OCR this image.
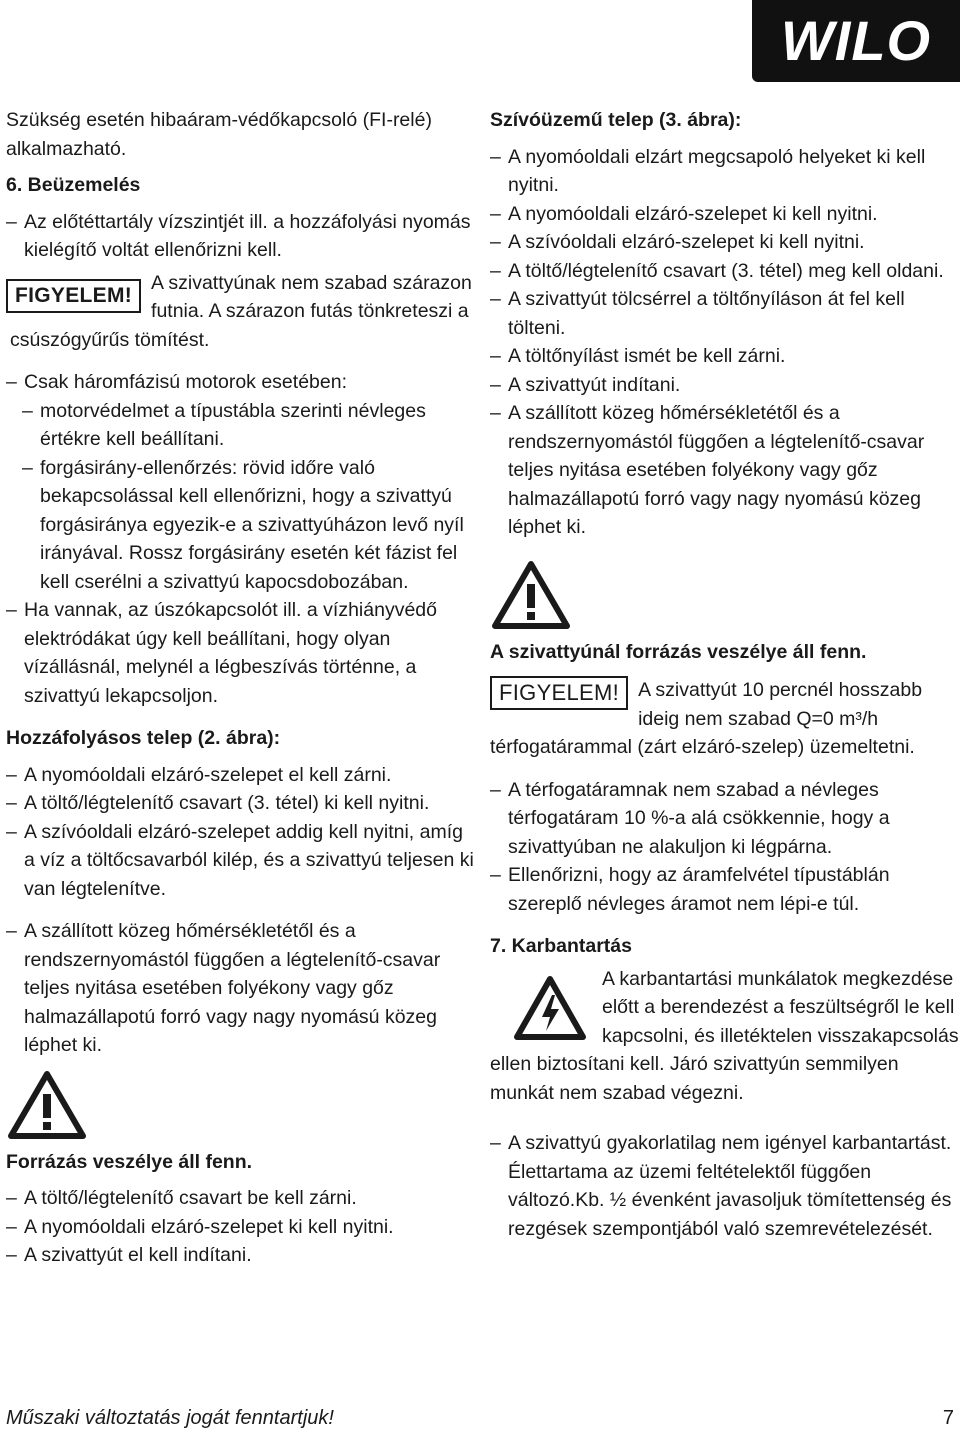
WILO

Szükség esetén hibaáram-védőkapcsoló (FI-relé) alkalmazható.

6. Beüzemelés

– Az előtéttartály vízszintjét ill. a hozzáfolyási nyomás kielégítő voltát ellenőrizni kell.
FIGYELEM!

A szivattyúnak nem szabad szárazon futnia. A szárazon futás tönkreteszi a csúszógyűrűs tömítést.

– Csak háromfázisú motorok esetében:
– motorvédelmet a típustábla szerinti névleges értékre kell beállítani.
– forgásirány-ellenőrzés: rövid időre való bekapcsolással kell ellenőrizni, hogy a szivattyú forgásiránya egyezik-e a szivattyúházon levő nyíl irányával. Rossz forgásirány esetén két fázist fel kell cserélni a szivattyú kapocsdobozában.
– Ha vannak, az úszókapcsolót ill. a vízhiányvédő elektródákat úgy kell beállítani, hogy olyan vízállásnál, melynél a légbeszívás történne, a szivattyú lekapcsoljon.

Hozzáfolyásos telep (2. ábra):

– A nyomóoldali elzáró-szelepet el kell zárni.
– A töltő/légtelenítő csavart (3. tétel) ki kell nyitni.
– A szívóoldali elzáró-szelepet addig kell nyitni, amíg a víz a töltőcsavarból kilép, és a szivattyú teljesen ki van légtelenítve.
– A szállított közeg hőmérsékletétől és a rendszernyomástól függően a légtelenítő-csavar teljes nyitása esetében folyékony vagy gőz halmazállapotú forró vagy nagy nyomású közeg léphet ki.

Forrázás veszélye áll fenn.

– A töltő/légtelenítő csavart be kell zárni.
– A nyomóoldali elzáró-szelepet ki kell nyitni.
– A szivattyút el kell indítani.

Szívóüzemű telep (3. ábra):

– A nyomóoldali elzárt megcsapoló helyeket ki kell nyitni.
– A nyomóoldali elzáró-szelepet ki kell nyitni.
– A szívóoldali elzáró-szelepet ki kell nyitni.
– A töltő/légtelenítő csavart (3. tétel) meg kell oldani.
– A szivattyút tölcsérrel a töltőnyíláson át fel kell tölteni.
– A töltőnyílást ismét be kell zárni.
– A szivattyút indítani.
– A szállított közeg hőmérsékletétől és a rendszernyomástól függően a légtelenítő-csavar teljes nyitása esetében folyékony vagy gőz halmazállapotú forró vagy nagy nyomású közeg léphet ki.

A szivattyúnál forrázás veszélye áll fenn.

FIGYELEM! A szivattyút 10 percnél hosszabb ideig nem szabad Q=0 m³/h térfogatárammal (zárt elzáró-szelep) üzemeltetni.

– A térfogatáramnak nem szabad a névleges térfogatáram 10 %-a alá csökkennie, hogy a szivattyúban ne alakuljon ki légpárna.
– Ellenőrizni, hogy az áramfelvétel típustáblán szereplő névleges áramot nem lépi-e túl.

7. Karbantartás

A karbantartási munkálatok megkezdése előtt a berendezést a feszültségről le kell kapcsolni, és illetéktelen visszakapcsolás ellen biztosítani kell. Járó szivattyún semmilyen munkát nem szabad végezni.

– A szivattyú gyakorlatilag nem igényel karbantartást.

Élettartama az üzemi feltételektől függően változó.Kb. ½ évenként javasoljuk tömítettenség és rezgések szempontjából való szemrevételezését.

Műszaki változtatás jogát fenntartjuk!	7
